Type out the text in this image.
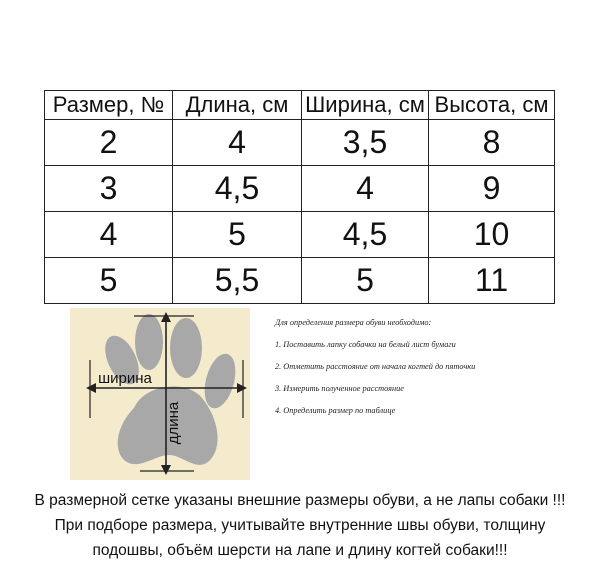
Размер, №	Длина, см	Ширина, см	Высота, см
2	4	3,5	8
3	4,5	4	9
4	5	4,5	10
5	5,5	5	11
ширина
длина
Для определения размера обуви необходимо:
1. Поставить лапку собачки на белый лист бумаги
2. Отметить расстояние от начала когтей до пяточки
3. Измерить полученное расстояние
4. Определить размер по таблице
В размерной сетке указаны внешние размеры обуви, а не лапы собаки !!!
При подборе размера, учитывайте внутренние швы обуви, толщину
подошвы, объём шерсти на лапе и длину когтей собаки!!!
